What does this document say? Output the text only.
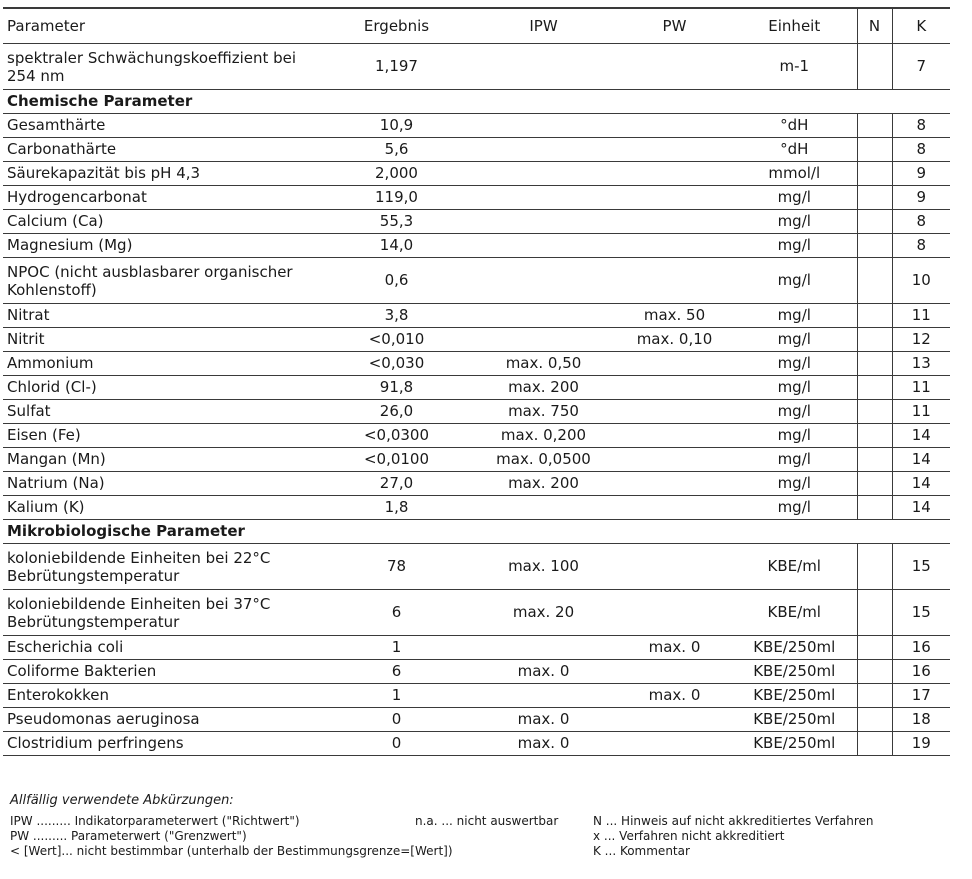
Parameter	Ergebnis	IPW	PW	Einheit	N	K
spektraler Schwächungskoeffizient bei 254 nm	1,197			m-1		7
Chemische Parameter						
Gesamthärte	10,9			°dH		8
Carbonathärte	5,6			°dH		8
Säurekapazität bis pH 4,3	2,000			mmol/l		9
Hydrogencarbonat	119,0			mg/l		9
Calcium (Ca)	55,3			mg/l		8
Magnesium (Mg)	14,0			mg/l		8
NPOC (nicht ausblasbarer organischer Kohlenstoff)	0,6			mg/l		10
Nitrat	3,8		max. 50	mg/l		11
Nitrit	<0,010		max. 0,10	mg/l		12
Ammonium	<0,030	max. 0,50		mg/l		13
Chlorid (Cl-)	91,8	max. 200		mg/l		11
Sulfat	26,0	max. 750		mg/l		11
Eisen (Fe)	<0,0300	max. 0,200		mg/l		14
Mangan (Mn)	<0,0100	max. 0,0500		mg/l		14
Natrium (Na)	27,0	max. 200		mg/l		14
Kalium (K)	1,8			mg/l		14
Mikrobiologische Parameter						
koloniebildende Einheiten bei 22°C Bebrütungstemperatur	78	max. 100		KBE/ml		15
koloniebildende Einheiten bei 37°C Bebrütungstemperatur	6	max. 20		KBE/ml		15
Escherichia coli	1		max. 0	KBE/250ml		16
Coliforme Bakterien	6	max. 0		KBE/250ml		16
Enterokokken	1		max. 0	KBE/250ml		17
Pseudomonas aeruginosa	0	max. 0		KBE/250ml		18
Clostridium perfringens	0	max. 0		KBE/250ml		19
Allfällig verwendete Abkürzungen:
IPW ......... Indikatorparameterwert ("Richtwert")
PW ......... Parameterwert ("Grenzwert")
< [Wert]... nicht bestimmbar (unterhalb der Bestimmungsgrenze=[Wert])
n.a. ... nicht auswertbar	N ... Hinweis auf nicht akkreditiertes Verfahren
x ... Verfahren nicht akkreditiert
K ... Kommentar
